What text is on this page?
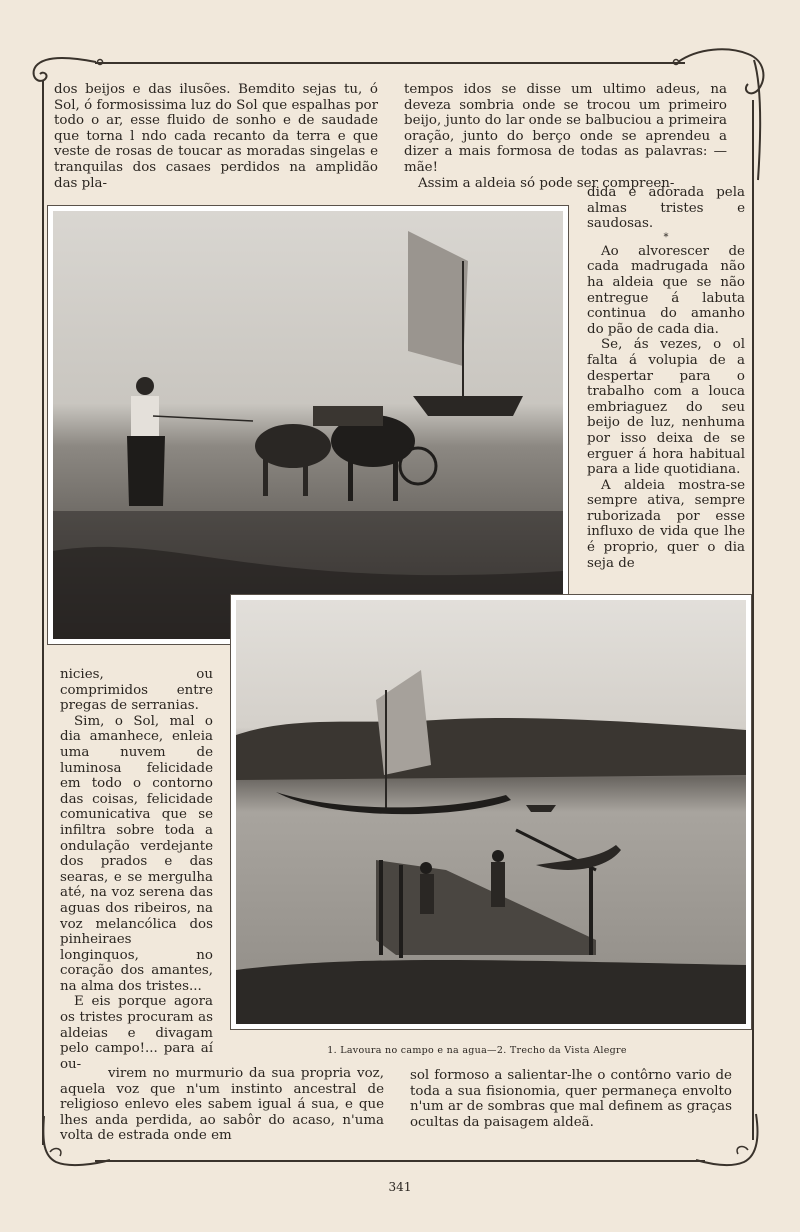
dos beijos e das ilusões. Bemdito sejas tu, ó Sol, ó formosissima luz do Sol que espalhas por todo o ar, esse fluido de sonho e de saudade que torna l ndo cada recanto da terra e que veste de rosas de toucar as moradas singelas e tranquilas dos casaes perdidos na amplidão das pla-

tempos idos se disse um ultimo adeus, na deveza sombria onde se trocou um primeiro beijo, junto do lar onde se balbuciou a primeira oração, junto do berço onde se aprendeu a dizer a mais formosa de todas as palavras: — mãe!

Assim a aldeia só pode ser compreen-

dida e adorada pela almas tristes e saudosas.

*

Ao alvorescer de cada madrugada não ha aldeia que se não entregue á labuta continua do amanho do pão de cada dia.

Se, ás vezes, o ol falta á volupia de a despertar para o trabalho com a louca embriaguez do seu beijo de luz, nenhuma por isso deixa de se erguer á hora habitual para a lide quotidiana.

A aldeia mostra-se sempre ativa, sempre ruborizada por esse influxo de vida que lhe é proprio, quer o dia seja de

nicies, ou comprimidos entre pregas de serranias.

Sim, o Sol, mal o dia amanhece, enleia uma nuvem de luminosa felicidade em todo o contorno das coisas, felicidade comunicativa que se infiltra sobre toda a ondulação verdejante dos prados e das searas, e se mergulha até, na voz serena das aguas dos ribeiros, na voz melancólica dos pinheiraes longinquos, no coração dos amantes, na alma dos tristes...

E eis porque agora os tristes procuram as aldeias e divagam pelo campo!... para aí ou-

1. Lavoura no campo e na agua—2. Trecho da Vista Alegre

virem no murmurio da sua propria voz, aquela voz que n'um instinto ancestral de religioso enlevo eles sabem igual á sua, e que lhes anda perdida, ao sabôr do acaso, n'uma volta de estrada onde em

sol formoso a salientar-lhe o contôrno vario de toda a sua fisionomia, quer permaneça envolto n'um ar de sombras que mal definem as graças ocultas da paisagem aldeã.

341
